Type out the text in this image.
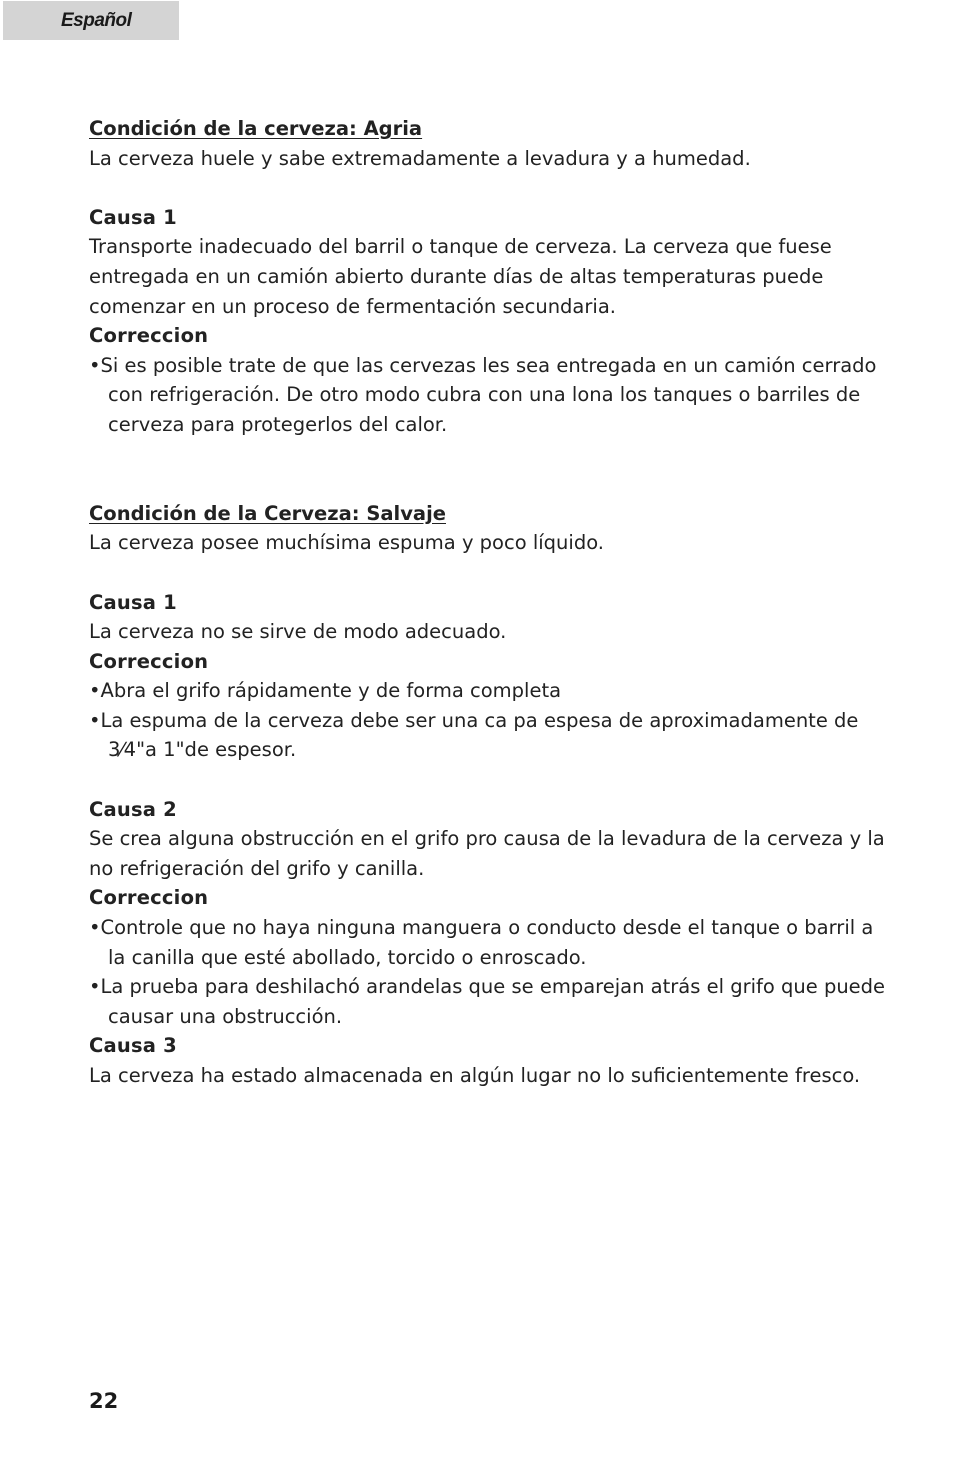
Español
Condición de la cerveza: Agria
La cerveza huele y sabe extremadamente a levadura y a humedad.
Causa 1
Transporte inadecuado del barril o tanque de cerveza. La cerveza que fuese
entregada en un camión abierto durante días de altas temperaturas puede
comenzar en un proceso de fermentación secundaria.
Correccion
•Si es posible trate de que las cervezas les sea entregada en un camión cerrado
con refrigeración. De otro modo cubra con una lona los tanques o barriles de
cerveza para protegerlos del calor.
Condición de la Cerveza: Salvaje
La cerveza posee muchísima espuma y poco líquido.
Causa 1
La cerveza no se sirve de modo adecuado.
Correccion
•Abra el grifo rápidamente y de forma completa
•La espuma de la cerveza debe ser una ca pa espesa de aproximadamente de
3⁄4"a 1"de espesor.
Causa 2
Se crea alguna obstrucción en el grifo pro causa de la levadura de la cerveza y la
no refrigeración del grifo y canilla.
Correccion
•Controle que no haya ninguna manguera o conducto desde el tanque o barril a
la canilla que esté abollado, torcido o enroscado.
•La prueba para deshilachó arandelas que se emparejan atrás el grifo que puede
causar una obstrucción.
Causa 3
La cerveza ha estado almacenada en algún lugar no lo suficientemente fresco.
22
